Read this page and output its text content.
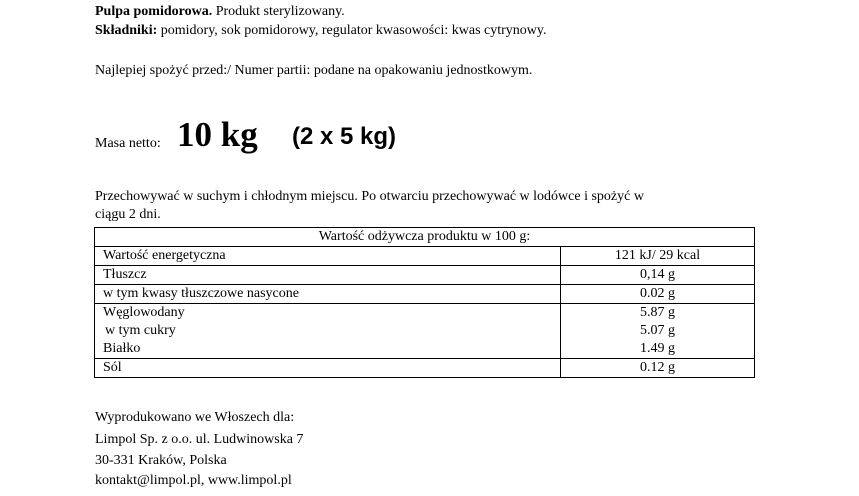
Pulpa pomidorowa. Produkt sterylizowany.
Składniki: pomidory, sok pomidorowy, regulator kwasowości: kwas cytrynowy.
Najlepiej spożyć przed:/ Numer partii: podane na opakowaniu jednostkowym.
Masa netto: 10 kg (2 x 5 kg)
Przechowywać w suchym i chłodnym miejscu. Po otwarciu przechowywać w lodówce i spożyć w
ciągu 2 dni.
Wartość odżywcza produktu w 100 g:	
Wartość energetyczna	121 kJ/ 29 kcal
Tłuszcz	0,14 g
w tym kwasy tłuszczowe nasycone	0.02 g
Węglowodany	5.87 g
w tym cukry	5.07 g
Białko	1.49 g
Sól	0.12 g
Wyprodukowano we Włoszech dla:
Limpol Sp. z o.o. ul. Ludwinowska 7
30-331 Kraków, Polska
kontakt@limpol.pl, www.limpol.pl
